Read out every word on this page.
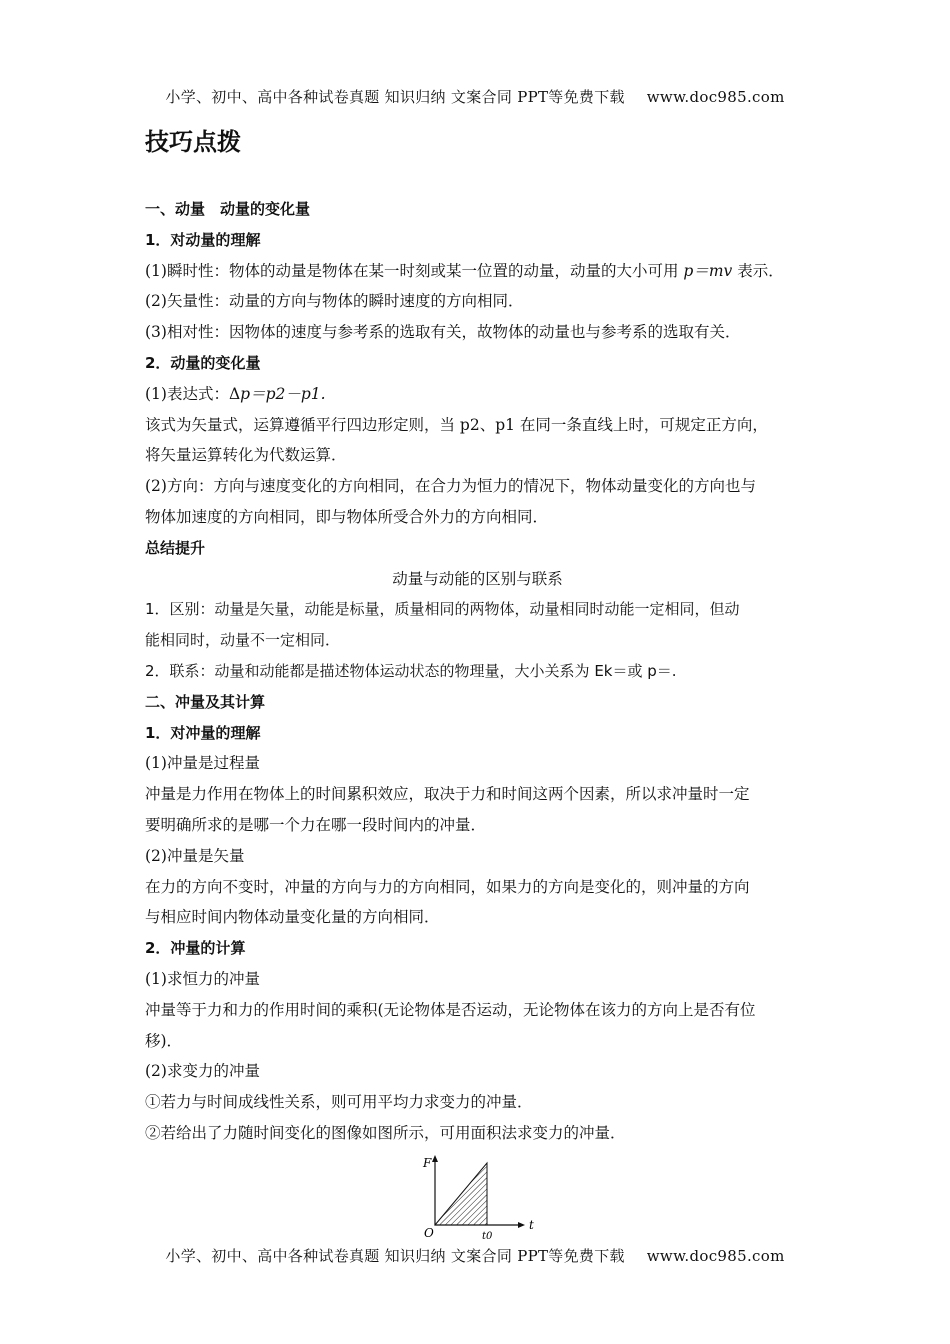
小学、初中、高中各种试卷真题 知识归纳 文案合同 PPT等免费下载 www.doc985.com
技巧点拨
一、动量　动量的变化量
1．对动量的理解
(1)瞬时性：物体的动量是物体在某一时刻或某一位置的动量，动量的大小可用 p＝mv 表示．
(2)矢量性：动量的方向与物体的瞬时速度的方向相同．
(3)相对性：因物体的速度与参考系的选取有关，故物体的动量也与参考系的选取有关．
2．动量的变化量
(1)表达式：Δp＝p2－p1.
该式为矢量式，运算遵循平行四边形定则，当 p2、p1 在同一条直线上时，可规定正方向，
将矢量运算转化为代数运算．
(2)方向：方向与速度变化的方向相同，在合力为恒力的情况下，物体动量变化的方向也与
物体加速度的方向相同，即与物体所受合外力的方向相同．
总结提升
动量与动能的区别与联系
1．区别：动量是矢量，动能是标量，质量相同的两物体，动量相同时动能一定相同，但动
能相同时，动量不一定相同．
2．联系：动量和动能都是描述物体运动状态的物理量，大小关系为 Ek＝或 p＝.
二、冲量及其计算
1．对冲量的理解
(1)冲量是过程量
冲量是力作用在物体上的时间累积效应，取决于力和时间这两个因素，所以求冲量时一定
要明确所求的是哪一个力在哪一段时间内的冲量．
(2)冲量是矢量
在力的方向不变时，冲量的方向与力的方向相同，如果力的方向是变化的，则冲量的方向
与相应时间内物体动量变化量的方向相同．
2．冲量的计算
(1)求恒力的冲量
冲量等于力和力的作用时间的乘积(无论物体是否运动，无论物体在该力的方向上是否有位
移)．
(2)求变力的冲量
①若力与时间成线性关系，则可用平均力求变力的冲量．
②若给出了力随时间变化的图像如图所示，可用面积法求变力的冲量．
F
t
O	t0
小学、初中、高中各种试卷真题 知识归纳 文案合同 PPT等免费下载 www.doc985.com
